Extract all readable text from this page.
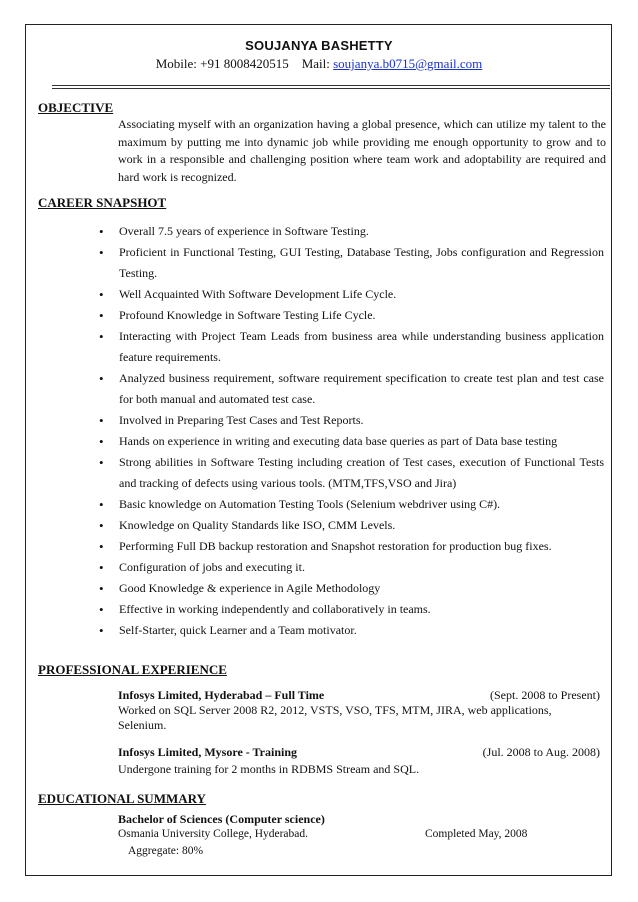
SOUJANYA BASHETTY
Mobile: +91 8008420515 Mail: soujanya.b0715@gmail.com
OBJECTIVE
Associating myself with an organization having a global presence, which can utilize my talent to the maximum by putting me into dynamic job while providing me enough opportunity to grow and to work in a responsible and challenging position where team work and adoptability are required and hard work is recognized.
CAREER SNAPSHOT
• Overall 7.5 years of experience in Software Testing.
• Proficient in Functional Testing, GUI Testing, Database Testing, Jobs configuration and Regression Testing.
• Well Acquainted With Software Development Life Cycle.
• Profound Knowledge in Software Testing Life Cycle.
• Interacting with Project Team Leads from business area while understanding business application feature requirements.
• Analyzed business requirement, software requirement specification to create test plan and test case for both manual and automated test case.
• Involved in Preparing Test Cases and Test Reports.
• Hands on experience in writing and executing data base queries as part of Data base testing
• Strong abilities in Software Testing including creation of Test cases, execution of Functional Tests and tracking of defects using various tools. (MTM,TFS,VSO and Jira)
• Basic knowledge on Automation Testing Tools (Selenium webdriver using C#).
• Knowledge on Quality Standards like ISO, CMM Levels.
• Performing Full DB backup restoration and Snapshot restoration for production bug fixes.
• Configuration of jobs and executing it.
• Good Knowledge & experience in Agile Methodology
• Effective in working independently and collaboratively in teams.
• Self-Starter, quick Learner and a Team motivator.
PROFESSIONAL EXPERIENCE
Infosys Limited, Hyderabad – Full Time	(Sept. 2008 to Present)
Worked on SQL Server 2008 R2, 2012, VSTS, VSO, TFS, MTM, JIRA, web applications, Selenium.
Infosys Limited, Mysore - Training	(Jul. 2008 to Aug. 2008)
Undergone training for 2 months in RDBMS Stream and SQL.
EDUCATIONAL SUMMARY
Bachelor of Sciences (Computer science)
Osmania University College, Hyderabad.	Completed May, 2008
Aggregate: 80%
